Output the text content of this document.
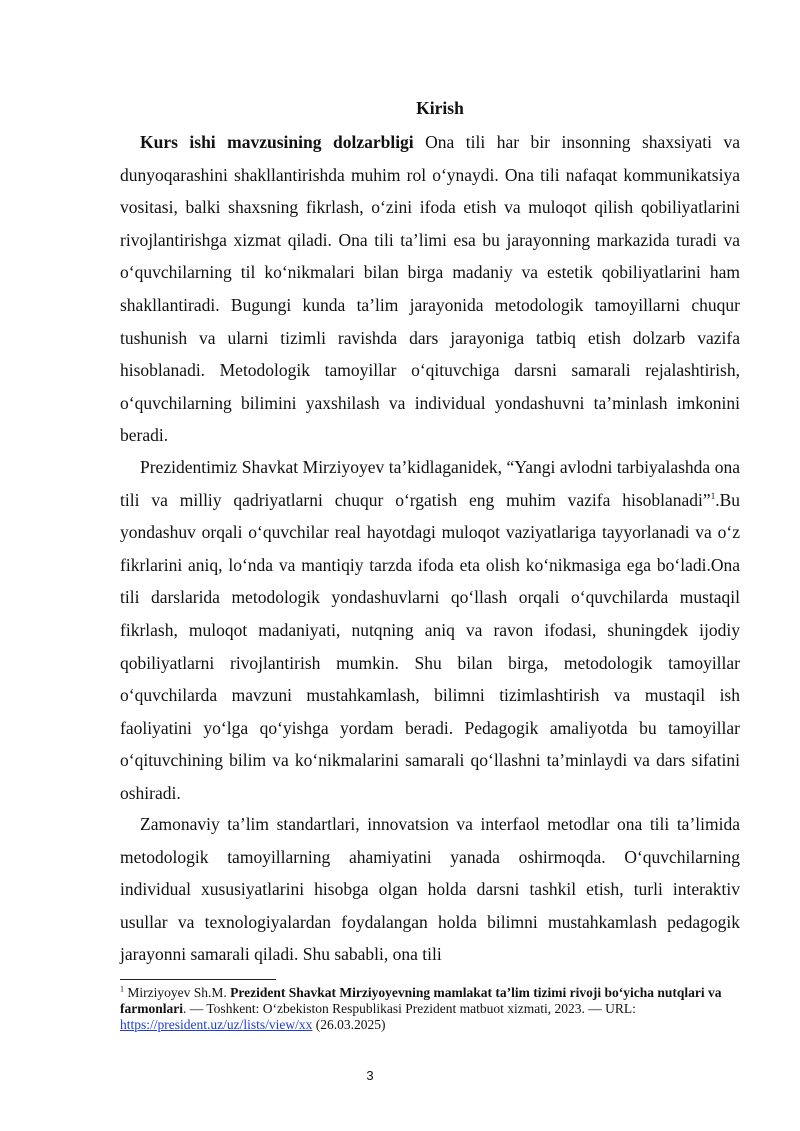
Kirish

Kurs ishi mavzusining dolzarbligi Ona tili har bir insonning shaxsiyati va dunyoqarashini shakllantirishda muhim rol o‘ynaydi. Ona tili nafaqat kommunikatsiya vositasi, balki shaxsning fikrlash, o‘zini ifoda etish va muloqot qilish qobiliyatlarini rivojlantirishga xizmat qiladi. Ona tili ta’limi esa bu jarayonning markazida turadi va o‘quvchilarning til ko‘nikmalari bilan birga madaniy va estetik qobiliyatlarini ham shakllantiradi. Bugungi kunda ta’lim jarayonida metodologik tamoyillarni chuqur tushunish va ularni tizimli ravishda dars jarayoniga tatbiq etish dolzarb vazifa hisoblanadi. Metodologik tamoyillar o‘qituvchiga darsni samarali rejalashtirish, o‘quvchilarning bilimini yaxshilash va individual yondashuvni ta’minlash imkonini beradi.

Prezidentimiz Shavkat Mirziyoyev ta’kidlaganidek, “Yangi avlodni tarbiyalashda ona tili va milliy qadriyatlarni chuqur o‘rgatish eng muhim vazifa hisoblanadi”$^1$.Bu yondashuv orqali o‘quvchilar real hayotdagi muloqot vaziyatlariga tayyorlanadi va o‘z fikrlarini aniq, lo‘nda va mantiqiy tarzda ifoda eta olish ko‘nikmasiga ega bo‘ladi.Ona tili darslarida metodologik yondashuvlarni qo‘llash orqali o‘quvchilarda mustaqil fikrlash, muloqot madaniyati, nutqning aniq va ravon ifodasi, shuningdek ijodiy qobiliyatlarni rivojlantirish mumkin. Shu bilan birga, metodologik tamoyillar o‘quvchilarda mavzuni mustahkamlash, bilimni tizimlashtirish va mustaqil ish faoliyatini yo‘lga qo‘yishga yordam beradi. Pedagogik amaliyotda bu tamoyillar o‘qituvchining bilim va ko‘nikmalarini samarali qo‘llashni ta’minlaydi va dars sifatini oshiradi.

Zamonaviy ta’lim standartlari, innovatsion va interfaol metodlar ona tili ta’limida metodologik tamoyillarning ahamiyatini yanada oshirmoqda. O‘quvchilarning individual xususiyatlarini hisobga olgan holda darsni tashkil etish, turli interaktiv usullar va texnologiyalardan foydalangan holda bilimni mustahkamlash pedagogik jarayonni samarali qiladi. Shu sababli, ona tili

$^1$ Mirziyoyev Sh.M. Prezident Shavkat Mirziyoyevning mamlakat ta’lim tizimi rivoji bo‘yicha nutqlari va farmonlari. — Toshkent: O‘zbekiston Respublikasi Prezident matbuot xizmati, 2023. — URL: https://president.uz/uz/lists/view/xx (26.03.2025)

3
